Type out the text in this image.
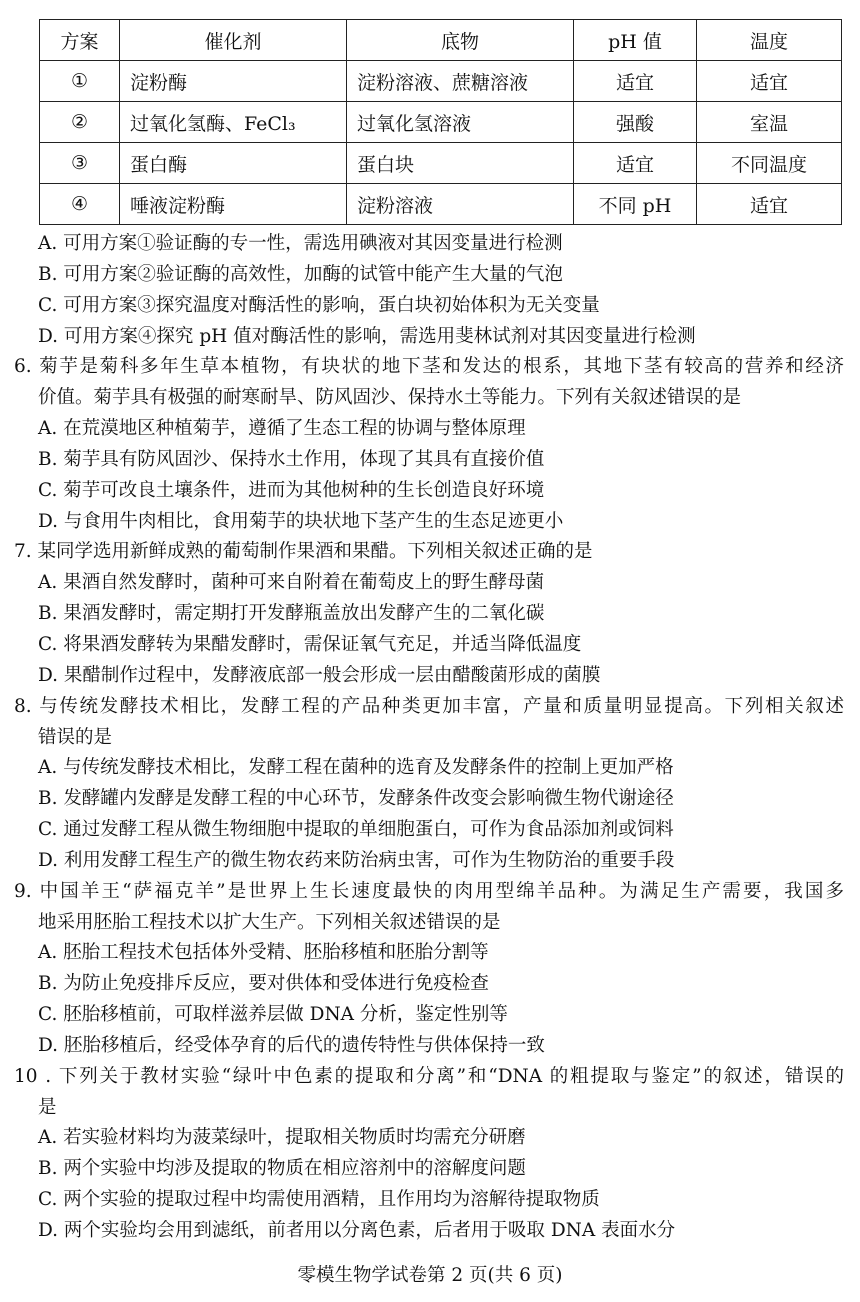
方案	催化剂	底物	pH 值	温度
①	淀粉酶	淀粉溶液、蔗糖溶液	适宜	适宜
②	过氧化氢酶、FeCl₃	过氧化氢溶液	强酸	室温
③	蛋白酶	蛋白块	适宜	不同温度
④	唾液淀粉酶	淀粉溶液	不同 pH	适宜
A. 可用方案①验证酶的专一性，需选用碘液对其因变量进行检测
B. 可用方案②验证酶的高效性，加酶的试管中能产生大量的气泡
C. 可用方案③探究温度对酶活性的影响，蛋白块初始体积为无关变量
D. 可用方案④探究 pH 值对酶活性的影响，需选用斐林试剂对其因变量进行检测
6. 菊芋是菊科多年生草本植物，有块状的地下茎和发达的根系，其地下茎有较高的营养和经济
价值。菊芋具有极强的耐寒耐旱、防风固沙、保持水土等能力。下列有关叙述错误的是
A. 在荒漠地区种植菊芋，遵循了生态工程的协调与整体原理
B. 菊芋具有防风固沙、保持水土作用，体现了其具有直接价值
C. 菊芋可改良土壤条件，进而为其他树种的生长创造良好环境
D. 与食用牛肉相比，食用菊芋的块状地下茎产生的生态足迹更小
7. 某同学选用新鲜成熟的葡萄制作果酒和果醋。下列相关叙述正确的是
A. 果酒自然发酵时，菌种可来自附着在葡萄皮上的野生酵母菌
B. 果酒发酵时，需定期打开发酵瓶盖放出发酵产生的二氧化碳
C. 将果酒发酵转为果醋发酵时，需保证氧气充足，并适当降低温度
D. 果醋制作过程中，发酵液底部一般会形成一层由醋酸菌形成的菌膜
8. 与传统发酵技术相比，发酵工程的产品种类更加丰富，产量和质量明显提高。下列相关叙述
错误的是
A. 与传统发酵技术相比，发酵工程在菌种的选育及发酵条件的控制上更加严格
B. 发酵罐内发酵是发酵工程的中心环节，发酵条件改变会影响微生物代谢途径
C. 通过发酵工程从微生物细胞中提取的单细胞蛋白，可作为食品添加剂或饲料
D. 利用发酵工程生产的微生物农药来防治病虫害，可作为生物防治的重要手段
9. 中国羊王“萨福克羊”是世界上生长速度最快的肉用型绵羊品种。为满足生产需要，我国多
地采用胚胎工程技术以扩大生产。下列相关叙述错误的是
A. 胚胎工程技术包括体外受精、胚胎移植和胚胎分割等
B. 为防止免疫排斥反应，要对供体和受体进行免疫检查
C. 胚胎移植前，可取样滋养层做 DNA 分析，鉴定性别等
D. 胚胎移植后，经受体孕育的后代的遗传特性与供体保持一致
10 . 下列关于教材实验“绿叶中色素的提取和分离”和“DNA 的粗提取与鉴定”的叙述，错误的
是
A. 若实验材料均为菠菜绿叶，提取相关物质时均需充分研磨
B. 两个实验中均涉及提取的物质在相应溶剂中的溶解度问题
C. 两个实验的提取过程中均需使用酒精，且作用均为溶解待提取物质
D. 两个实验均会用到滤纸，前者用以分离色素，后者用于吸取 DNA 表面水分
零模生物学试卷第 2 页(共 6 页)
